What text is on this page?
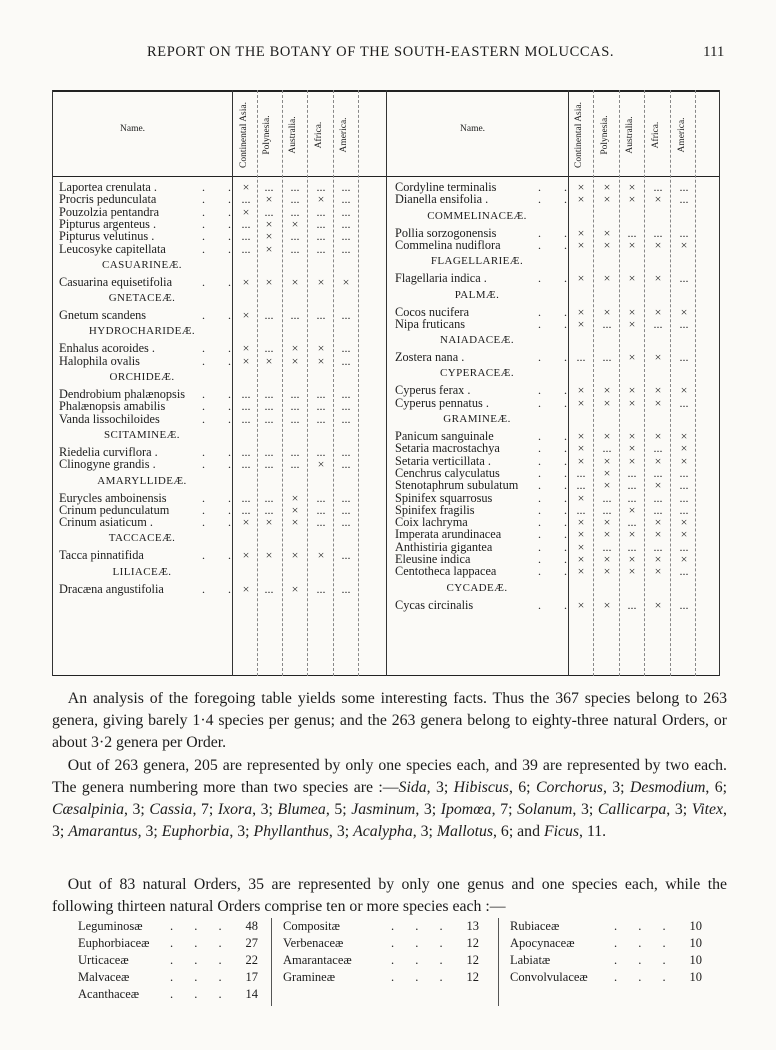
REPORT ON THE BOTANY OF THE SOUTH-EASTERN MOLUCCAS.	111
Name.	Name.
Continental Asia.	Polynesia.	Australia.	Africa.	America.	Continental Asia.	Polynesia.	Australia.	Africa.	America.
Laportea crenulata .	. . ×	...	...	...	...
Procris pedunculata	. . ...	×	...	×	...
Pouzolzia pentandra	. . ×	...	...	...	...
Pipturus argenteus .	. . ...	×	×	...	...
Pipturus velutinus .	. . ...	×	...	...	...
Leucosyke capitellata	. . ...	×	...	...	...
CASUARINEÆ.
Casuarina equisetifolia . . ×	×	×	×	×
GNETACEÆ.
Gnetum scandens	. . ×	...	...	...	...
HYDROCHARIDEÆ.
Enhalus acoroides .	. . ×	...	×	×	...
Halophila ovalis	. . ×	×	×	×	...
ORCHIDEÆ.
Dendrobium phalænopsis . . ...	...	...	...	...
Phalænopsis amabilis	. . ...	...	...	...	...
Vanda lissochiloides	. . ...	...	...	...	...
SCITAMINEÆ.
Riedelia curviflora .	. . ...	...	...	...	...
Clinogyne grandis .	. . ...	...	...	×	...
AMARYLLIDEÆ.
Eurycles amboinensis	. . ...	...	×	...	...
Crinum pedunculatum	. . ...	...	×	...	...
Crinum asiaticum .	. . ×	×	×	...	...
TACCACEÆ.
Tacca pinnatifida	. . ×	×	×	×	...
LILIACEÆ.
Dracæna angustifolia	. . ×	...	×	...	...
Cordyline terminalis	. . ×	×	×	...	...
Dianella ensifolia .	. . ×	×	×	×	...
COMMELINACEÆ.
Pollia sorzogonensis	. . ×	×	...	...	...
Commelina nudiflora	. . ×	×	×	×	×
FLAGELLARIEÆ.
Flagellaria indica .	. . ×	×	×	×	...
PALMÆ.
Cocos nucifera	. . ×	×	×	×	×
Nipa fruticans	. . ×	...	×	...	...
NAIADACEÆ.
Zostera nana .	. . ...	...	×	×	...
CYPERACEÆ.
Cyperus ferax .	. . ×	×	×	×	×
Cyperus pennatus .	. . ×	×	×	×	...
GRAMINEÆ.
Panicum sanguinale	. . ×	×	×	×	×
Setaria macrostachya	. . ×	...	×	...	×
Setaria verticillata .	. . ×	×	×	×	×
Cenchrus calyculatus	. . ...	×	...	...	...
Stenotaphrum subulatum . . ...	×	...	×	...
Spinifex squarrosus	. . ×	...	...	...	...
Spinifex fragilis	. . ...	...	×	...	...
Coix lachryma	. . ×	×	...	×	×
Imperata arundinacea	. . ×	×	×	×	×
Anthistiria gigantea	. . ×	...	...	...	...
Eleusine indica	. . ×	×	×	×	×
Centotheca lappacea	. . ×	×	×	×	...
CYCADEÆ.
Cycas circinalis	. . ×	×	...	×	...
 An analysis of the foregoing table yields some interesting facts. Thus the 367 species belong to 263 genera, giving barely 1·4 species per genus; and the 263 genera belong to eighty-three natural Orders, or about 3·2 genera per Order.
 Out of 263 genera, 205 are represented by only one species each, and 39 are represented by two each. The genera numbering more than two species are :—Sida, 3; Hibiscus, 6; Corchorus, 3; Desmodium, 6; Cæsalpinia, 3; Cassia, 7; Ixora, 3; Blumea, 5; Jasminum, 3; Ipomœa, 7; Solanum, 3; Callicarpa, 3; Vitex, 3; Amarantus, 3; Euphorbia, 3; Phyllanthus, 3; Acalypha, 3; Mallotus, 6; and Ficus, 11.
 Out of 83 natural Orders, 35 are represented by only one genus and one species each, while the following thirteen natural Orders comprise ten or more species each :—
Leguminosæ . . . 48
Euphorbiaceæ . . . 27
Urticaceæ	. . . 22
Malvaceæ	. . . 17
Acanthaceæ . . . 14
Compositæ	. . . 13
Verbenaceæ	. . . 12
Amarantaceæ	. . . 12
Gramineæ	. . . 12
Rubiaceæ	. . . 10
Apocynaceæ	. . . 10
Labiatæ	. . . 10
Convolvulaceæ . . . 10
